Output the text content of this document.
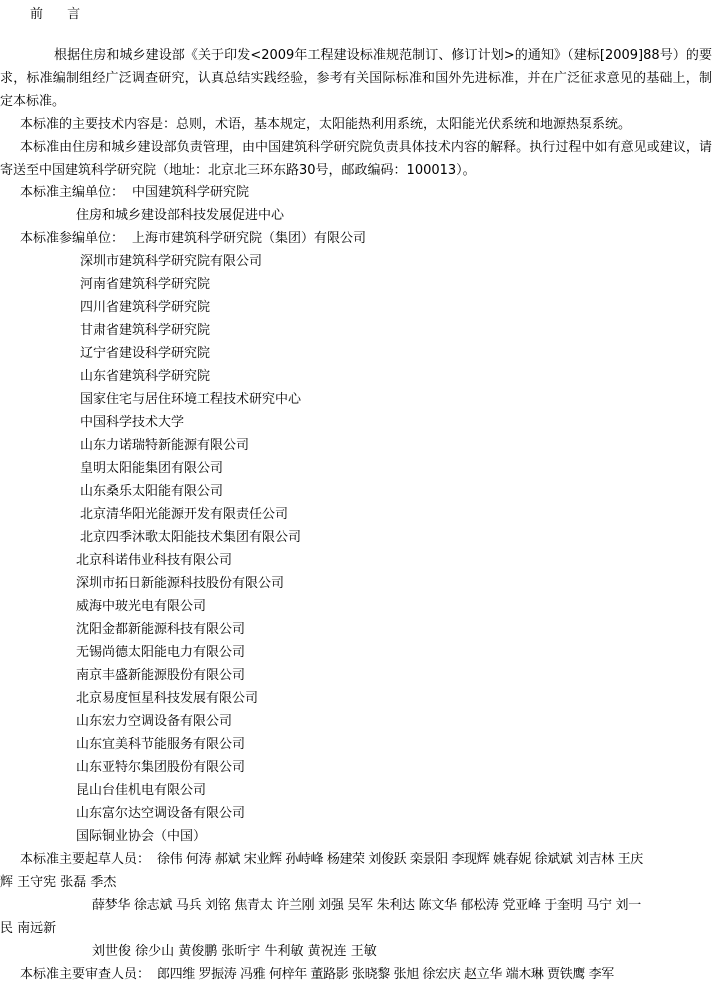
前 言
根据住房和城乡建设部《关于印发<2009年工程建设标准规范制订、修订计划>的通知》（建标[2009]88号）的要求，标准编制组经广泛调查研究，认真总结实践经验，参考有关国际标准和国外先进标准，并在广泛征求意见的基础上，制定本标准。
本标准的主要技术内容是：总则，术语，基本规定，太阳能热利用系统，太阳能光伏系统和地源热泵系统。
本标准由住房和城乡建设部负责管理，由中国建筑科学研究院负责具体技术内容的解释。执行过程中如有意见或建议，请寄送至中国建筑科学研究院（地址：北京北三环东路30号，邮政编码：100013）。
本标准主编单位： 中国建筑科学研究院
住房和城乡建设部科技发展促进中心
本标准参编单位： 上海市建筑科学研究院（集团）有限公司
深圳市建筑科学研究院有限公司
河南省建筑科学研究院
四川省建筑科学研究院
甘肃省建筑科学研究院
辽宁省建设科学研究院
山东省建筑科学研究院
国家住宅与居住环境工程技术研究中心
中国科学技术大学
山东力诺瑞特新能源有限公司
皇明太阳能集团有限公司
山东桑乐太阳能有限公司
北京清华阳光能源开发有限责任公司
北京四季沐歌太阳能技术集团有限公司
北京科诺伟业科技有限公司
深圳市拓日新能源科技股份有限公司
威海中玻光电有限公司
沈阳金都新能源科技有限公司
无锡尚德太阳能电力有限公司
南京丰盛新能源股份有限公司
北京易度恒星科技发展有限公司
山东宏力空调设备有限公司
山东宜美科节能服务有限公司
山东亚特尔集团股份有限公司
昆山台佳机电有限公司
山东富尔达空调设备有限公司
国际铜业协会（中国）
本标准主要起草人员： 徐伟 何涛 郝斌 宋业辉 孙峙峰 杨建荣 刘俊跃 栾景阳 李现辉 姚春妮 徐斌斌 刘吉林 王庆
辉 王守宪 张磊 季杰
薛梦华 徐志斌 马兵 刘铭 焦青太 许兰刚 刘强 吴军 朱利达 陈文华 郁松涛 党亚峰 于奎明 马宁 刘一
民 南远新
刘世俊 徐少山 黄俊鹏 张昕宇 牛利敏 黄祝连 王敏
本标准主要审查人员： 郎四维 罗振涛 冯雅 何梓年 董路影 张晓黎 张旭 徐宏庆 赵立华 端木琳 贾铁鹰 李军
